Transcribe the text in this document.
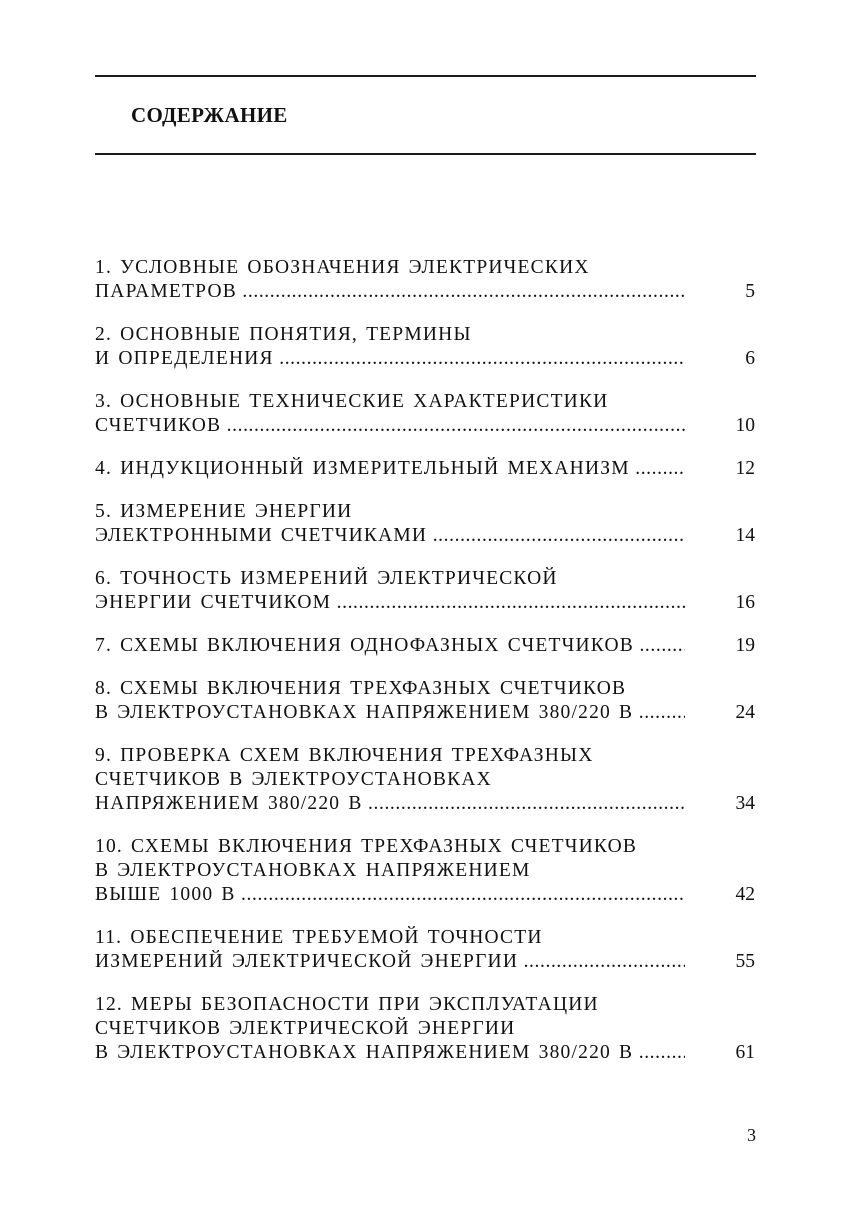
СОДЕРЖАНИЕ
1. УСЛОВНЫЕ ОБОЗНАЧЕНИЯ ЭЛЕКТРИЧЕСКИХ
ПАРАМЕТРОВ .....	5
2. ОСНОВНЫЕ ПОНЯТИЯ, ТЕРМИНЫ
И ОПРЕДЕЛЕНИЯ .....	6
3. ОСНОВНЫЕ ТЕХНИЧЕСКИЕ ХАРАКТЕРИСТИКИ
СЧЕТЧИКОВ .....	10
4. ИНДУКЦИОННЫЙ ИЗМЕРИТЕЛЬНЫЙ МЕХАНИЗМ .....	12
5. ИЗМЕРЕНИЕ ЭНЕРГИИ
ЭЛЕКТРОННЫМИ СЧЕТЧИКАМИ .....	14
6. ТОЧНОСТЬ ИЗМЕРЕНИЙ ЭЛЕКТРИЧЕСКОЙ
ЭНЕРГИИ СЧЕТЧИКОМ .....	16
7. СХЕМЫ ВКЛЮЧЕНИЯ ОДНОФАЗНЫХ СЧЕТЧИКОВ .....	19
8. СХЕМЫ ВКЛЮЧЕНИЯ ТРЕХФАЗНЫХ СЧЕТЧИКОВ
В ЭЛЕКТРОУСТАНОВКАХ НАПРЯЖЕНИЕМ 380/220 В .....	24
9. ПРОВЕРКА СХЕМ ВКЛЮЧЕНИЯ ТРЕХФАЗНЫХ
СЧЕТЧИКОВ В ЭЛЕКТРОУСТАНОВКАХ
НАПРЯЖЕНИЕМ 380/220 В .....	34
10. СХЕМЫ ВКЛЮЧЕНИЯ ТРЕХФАЗНЫХ СЧЕТЧИКОВ
В ЭЛЕКТРОУСТАНОВКАХ НАПРЯЖЕНИЕМ
ВЫШЕ 1000 В .....	42
11. ОБЕСПЕЧЕНИЕ ТРЕБУЕМОЙ ТОЧНОСТИ
ИЗМЕРЕНИЙ ЭЛЕКТРИЧЕСКОЙ ЭНЕРГИИ .....	55
12. МЕРЫ БЕЗОПАСНОСТИ ПРИ ЭКСПЛУАТАЦИИ
СЧЕТЧИКОВ ЭЛЕКТРИЧЕСКОЙ ЭНЕРГИИ
В ЭЛЕКТРОУСТАНОВКАХ НАПРЯЖЕНИЕМ 380/220 В .....	61
3
